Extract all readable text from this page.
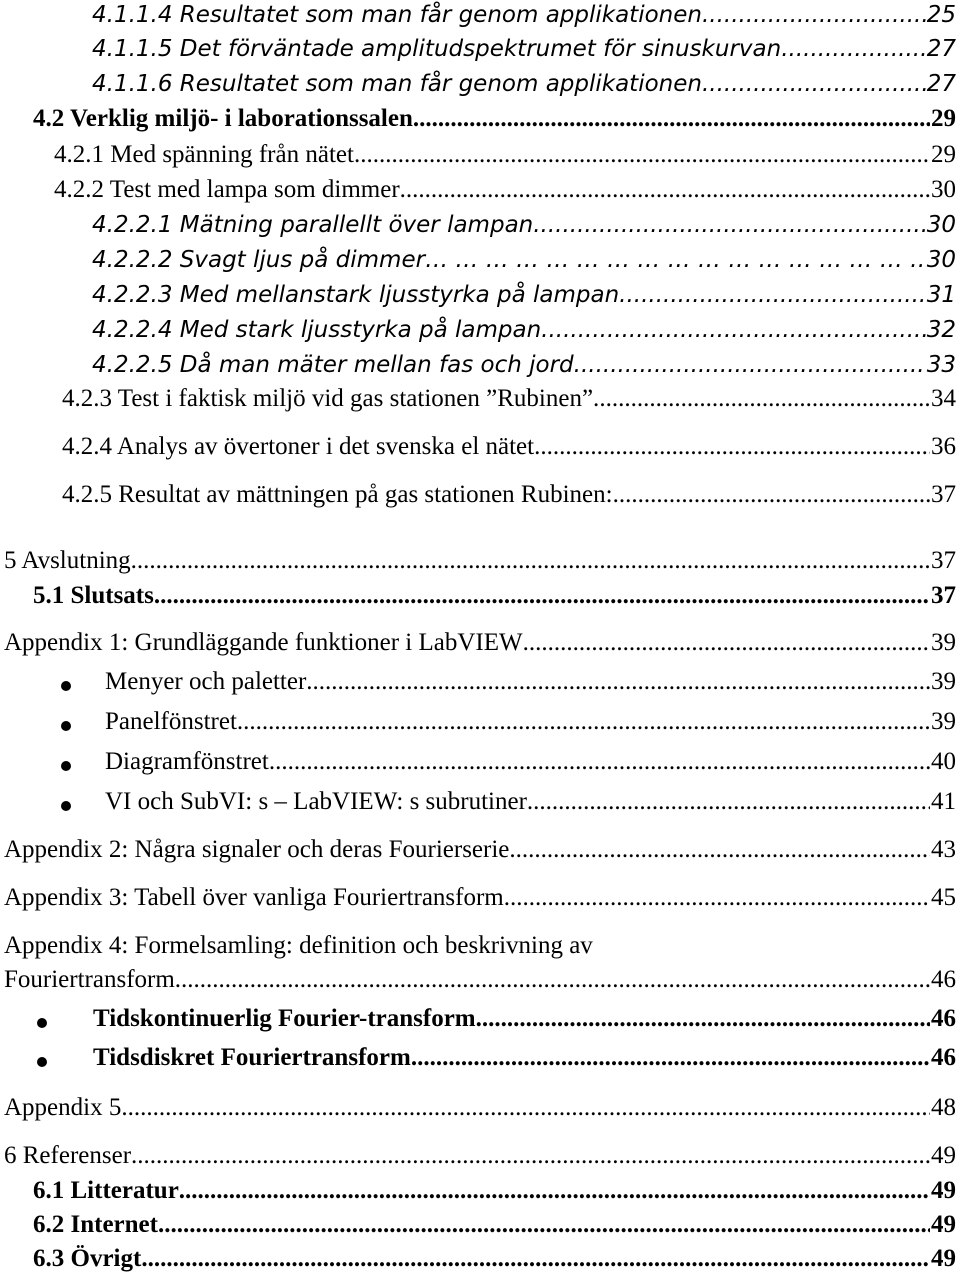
4.1.1.4 Resultatet som man får genom applikationen .....	25
4.1.1.5 Det förväntade amplitudspektrumet för sinuskurvan .....	27
4.1.1.6 Resultatet som man får genom applikationen .....	27
4.2 Verklig miljö- i laborationssalen .....	29
4.2.1 Med spänning från nätet .....	29
4.2.2 Test med lampa som dimmer .....	30
4.2.2.1 Mätning parallellt över lampan .....	30
4.2.2.2 Svagt ljus på dimmer … … … … … … … … … … … … … … … … … … … … … … … … … … … … … … … … … … … … … … … … … … … … …	30
4.2.2.3 Med mellanstark ljusstyrka på lampan .....	31
4.2.2.4 Med stark ljusstyrka på lampan .....	32
4.2.2.5 Då man mäter mellan fas och jord .....	33
4.2.3 Test i faktisk miljö vid gas stationen ”Rubinen”. .....	34
4.2.4 Analys av övertoner i det svenska el nätet .....	36
4.2.5 Resultat av mättningen på gas stationen Rubinen: .....	37
5 Avslutning .....	37
5.1 Slutsats .....	37
Appendix 1: Grundläggande funktioner i LabVIEW .....	39
Menyer och paletter .....	39
Panelfönstret .....	39
Diagramfönstret .....	40
VI och SubVI: s – LabVIEW: s subrutiner .....	41
Appendix 2: Några signaler och deras Fourierserie .....	43
Appendix 3: Tabell över vanliga Fouriertransform .....	45
Appendix 4: Formelsamling: definition och beskrivning av
Fouriertransform .....	46
Tidskontinuerlig Fourier-transform .....	46
Tidsdiskret Fouriertransform .....	46
Appendix 5 .....	48
6 Referenser .....	49
6.1 Litteratur .....	49
6.2 Internet .....	49
6.3 Övrigt .....	49
